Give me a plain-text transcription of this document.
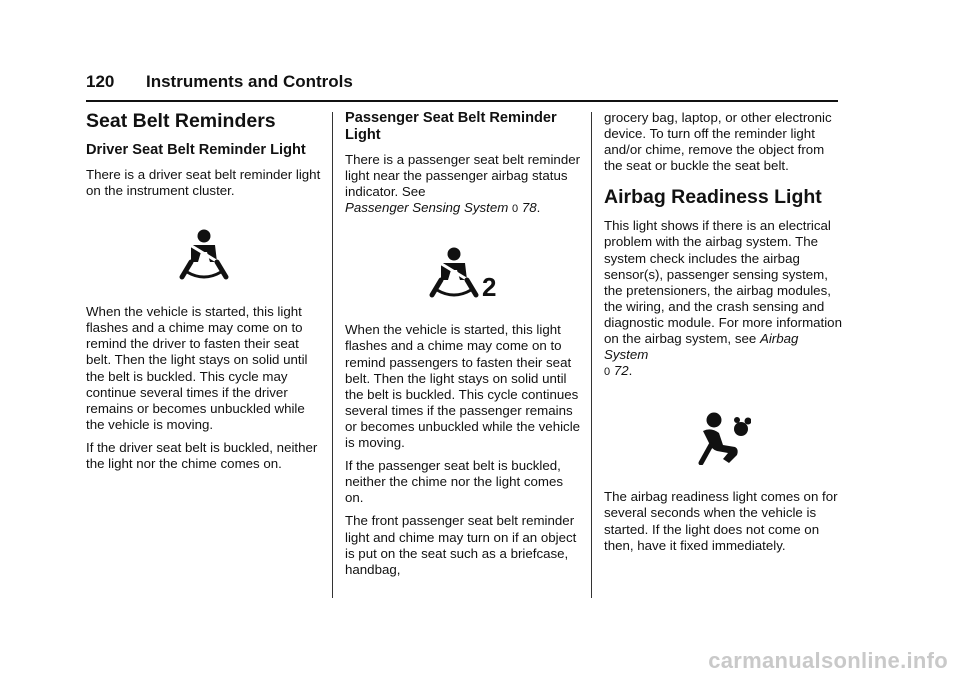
120 Instruments and Controls
Seat Belt Reminders
Driver Seat Belt Reminder Light

There is a driver seat belt reminder light on the instrument cluster.

When the vehicle is started, this light flashes and a chime may come on to remind the driver to fasten their seat belt. Then the light stays on solid until the belt is buckled. This cycle may continue several times if the driver remains or becomes unbuckled while the vehicle is moving.

If the driver seat belt is buckled, neither the light nor the chime comes on.

Passenger Seat Belt Reminder Light

There is a passenger seat belt reminder light near the passenger airbag status indicator. See
Passenger Sensing System 0 78.

2

When the vehicle is started, this light flashes and a chime may come on to remind passengers to fasten their seat belt. Then the light stays on solid until the belt is buckled. This cycle continues several times if the passenger remains or becomes unbuckled while the vehicle is moving.

If the passenger seat belt is buckled, neither the chime nor the light comes on.

The front passenger seat belt reminder light and chime may turn on if an object is put on the seat such as a briefcase, handbag,

grocery bag, laptop, or other electronic device. To turn off the reminder light and/or chime, remove the object from the seat or buckle the seat belt.

Airbag Readiness Light

This light shows if there is an electrical problem with the airbag system. The system check includes the airbag sensor(s), passenger sensing system, the pretensioners, the airbag modules, the wiring, and the crash sensing and diagnostic module. For more information on the airbag system, see Airbag System
0 72.

The airbag readiness light comes on for several seconds when the vehicle is started. If the light does not come on then, have it fixed immediately.

carmanualsonline.info
